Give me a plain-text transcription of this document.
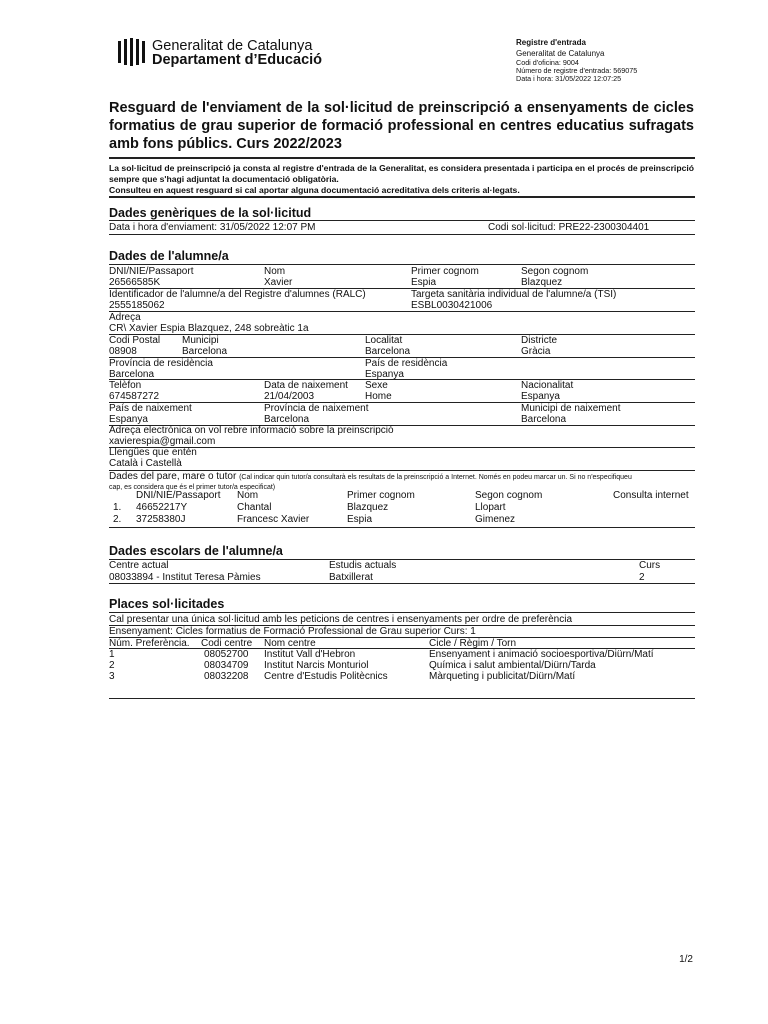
Generalitat de Catalunya
Departament d’Educació
Registre d'entrada
Generalitat de Catalunya
Codi d'oficina: 9004
Número de registre d'entrada: 569075
Data i hora: 31/05/2022 12:07:25
Resguard de l'enviament de la sol·licitud de preinscripció a ensenyaments de cicles formatius de grau superior de formació professional en centres educatius sufragats amb fons públics. Curs 2022/2023
La sol·licitud de preinscripció ja consta al registre d'entrada de la Generalitat, es considera presentada i participa en el procés de preinscripció sempre que s'hagi adjuntat la documentació obligatòria.
Consulteu en aquest resguard si cal aportar alguna documentació acreditativa dels criteris al·legats.
Dades genèriques de la sol·licitud
Data i hora d'enviament: 31/05/2022 12:07 PM	Codi sol·licitud: PRE22-2300304401
Dades de l'alumne/a
DNI/NIE/Passaport	Nom	Primer cognom	Segon cognom
26566585K	Xavier	Espia	Blazquez
Identificador de l'alumne/a del Registre d'alumnes (RALC)	Targeta sanitària individual de l'alumne/a (TSI)
2555185062	ESBL0030421006
Adreça
CR\ Xavier Espia Blazquez, 248 sobreàtic 1a
Codi Postal Municipi	Localitat	Districte
08908	Barcelona	Barcelona	Gràcia
Província de residència	País de residència
Barcelona	Espanya
Telèfon	Data de naixement Sexe	Nacionalitat
674587272	21/04/2003	Home	Espanya
País de naixement	Província de naixement	Municipi de naixement
Espanya	Barcelona	Barcelona
Adreça electrònica on vol rebre informació sobre la preinscripció
xavierespia@gmail.com
Llengües que entén
Català i Castellà
Dades del pare, mare o tutor (Cal indicar quin tutor/a consultarà els resultats de la preinscripció a Internet. Només en podeu marcar un. Si no n'especifiqueu
cap, es considera que és el primer tutor/a especificat)
DNI/NIE/Passaport Nom	Primer cognom	Segon cognom	Consulta internet
1. 46652217Y	Chantal	Blazquez	Llopart
2. 37258380J	Francesc Xavier	Espia	Gimenez
Dades escolars de l'alumne/a
Centre actual	Estudis actuals	Curs
08033894 - Institut Teresa Pàmies	Batxillerat	2
Places sol·licitades
Cal presentar una única sol·licitud amb les peticions de centres i ensenyaments per ordre de preferència
Ensenyament: Cicles formatius de Formació Professional de Grau superior Curs: 1
Núm. Preferència. Codi centre Nom centre	Cicle / Règim / Torn
1	08052700 Institut Vall d'Hebron	Ensenyament i animació socioesportiva/Diürn/Matí
2	08034709 Institut Narcis Monturiol	Química i salut ambiental/Diürn/Tarda
3	08032208 Centre d'Estudis Politècnics	Màrqueting i publicitat/Diürn/Matí
1/2
